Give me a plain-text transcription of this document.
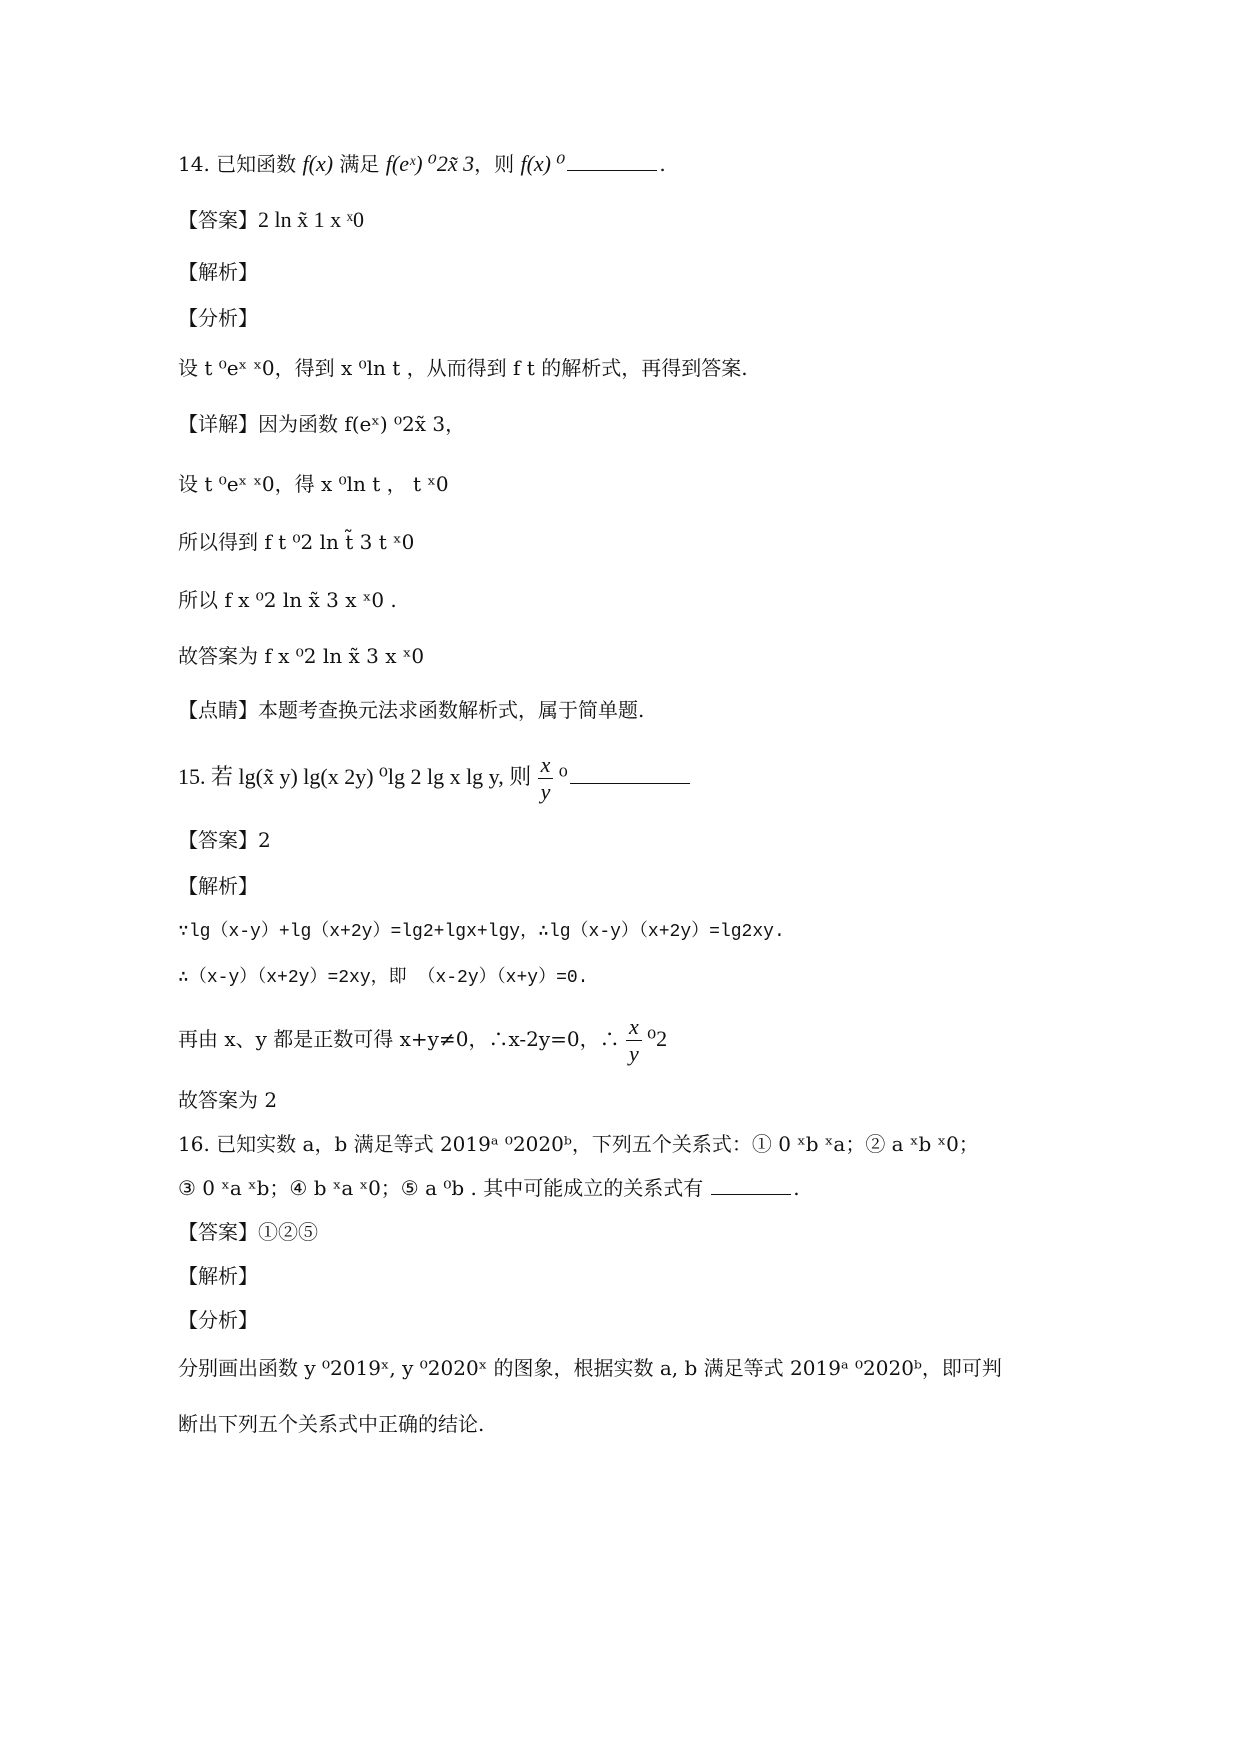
14. 已知函数 f(x) 满足 f(eˣ) ⁰2x̃ 3，则 f(x) ⁰	.
【答案】2 ln x̃ 1 x ˣ0
【解析】
【分析】
设 t ⁰eˣ ˣ0，得到 x ⁰ln t ，从而得到 f t 的解析式，再得到答案.
【详解】因为函数 f(eˣ) ⁰2x̃ 3，
设 t ⁰eˣ ˣ0，得 x ⁰ln t ， t ˣ0
所以得到 f t ⁰2 ln t̃ 3 t ˣ0
所以 f x ⁰2 ln x̃ 3 x ˣ0 .
故答案为 f x ⁰2 ln x̃ 3 x ˣ0
【点睛】本题考查换元法求函数解析式，属于简单题.
15. 若 lg(x̃ y) lg(x 2y) ⁰lg 2 lg x lg y, 则 $\frac{x}{y} ^0$
【答案】2
【解析】
∵lg（x-y）+lg（x+2y）=lg2+lgx+lgy，∴lg（x-y）（x+2y）=lg2xy.
∴（x-y）（x+2y）=2xy，即 （x-2y）（x+y）=0.
再由 x、y 都是正数可得 x+y≠0，∴x-2y=0，∴ $\frac{x}{y} ^02$
故答案为 2
16. 已知实数 a，b 满足等式 2019ᵃ ⁰2020ᵇ，下列五个关系式：① 0 ˣb ˣa；② a ˣb ˣ0；
③ 0 ˣa ˣb；④ b ˣa ˣ0；⑤ a ⁰b . 其中可能成立的关系式有	.
【答案】①②⑤
【解析】
【分析】
分别画出函数 y ⁰2019ˣ, y ⁰2020ˣ 的图象，根据实数 a, b 满足等式 2019ᵃ ⁰2020ᵇ，即可判
断出下列五个关系式中正确的结论.
